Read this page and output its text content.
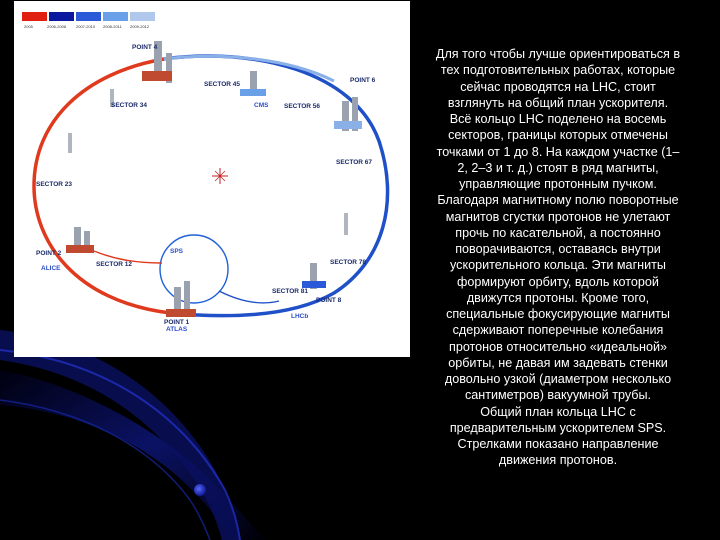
2005	2006-2008 2007-2010 2008-2011 2009-2012
POINT 4
SECTOR 45
POINT 6
SECTOR 34	CMS SECTOR 56
SECTOR 67
SECTOR 23
POINT 2	SPS
SECTOR 12	SECTOR 78
ALICE
SECTOR 81
POINT 8
LHCb
POINT 1
ATLAS
Для того чтобы лучше ориентироваться в
тех подготовительных работах, которые
сейчас проводятся на LHC, стоит
взглянуть на общий план ускорителя.
Всё кольцо LHC поделено на восемь
секторов, границы которых отмечены
точками от 1 до 8. На каждом участке (1–
2, 2–3 и т. д.) стоят в ряд магниты,
управляющие протонным пучком.
Благодаря магнитному полю поворотные
магнитов сгустки протонов не улетают
прочь по касательной, а постоянно
поворачиваются, оставаясь внутри
ускорительного кольца. Эти магниты
формируют орбиту, вдоль которой
движутся протоны. Кроме того,
специальные фокусирующие магниты
сдерживают поперечные колебания
протонов относительно «идеальной»
орбиты, не давая им задевать стенки
довольно узкой (диаметром несколько
сантиметров) вакуумной трубы.
Общий план кольца LHC с
предварительным ускорителем SPS.
Стрелками показано направление
движения протонов.
